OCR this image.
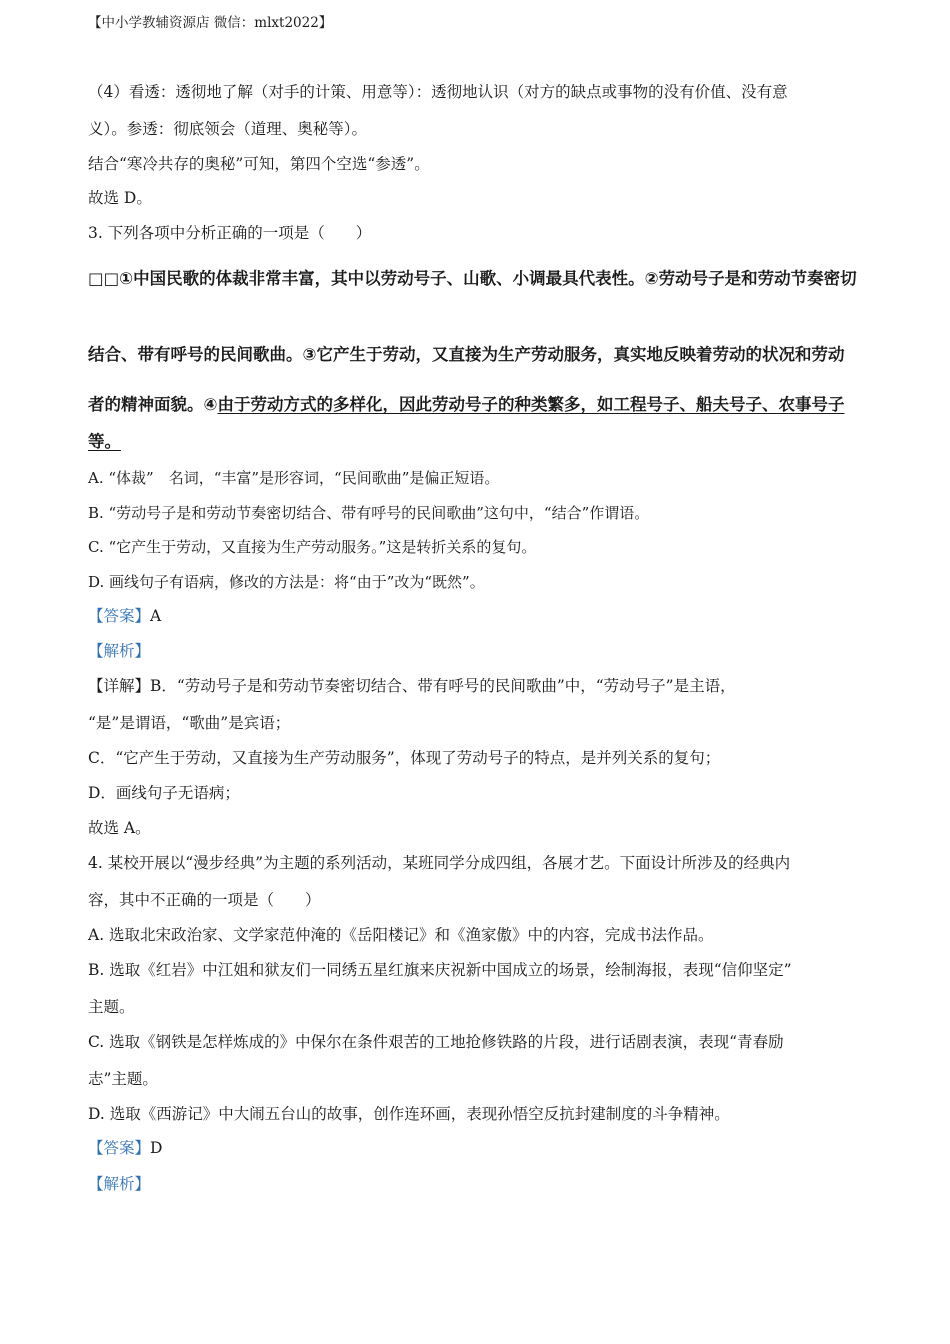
【中小学教辅资源店 微信：mlxt2022】
（4）看透：透彻地了解（对手的计策、用意等）：透彻地认识（对方的缺点或事物的没有价值、没有意
义）。参透：彻底领会（道理、奥秘等）。
结合“寒冷共存的奥秘”可知，第四个空选“参透”。
故选 D。
3. 下列各项中分析正确的一项是（　　）
□□①中国民歌的体裁非常丰富，其中以劳动号子、山歌、小调最具代表性。②劳动号子是和劳动节奏密切
结合、带有呼号的民间歌曲。③它产生于劳动，又直接为生产劳动服务，真实地反映着劳动的状况和劳动
者的精神面貌。④由于劳动方式的多样化，因此劳动号子的种类繁多，如工程号子、船夫号子、农事号子
等。
A. “体裁”　名词，“丰富”是形容词，“民间歌曲”是偏正短语。
B. “劳动号子是和劳动节奏密切结合、带有呼号的民间歌曲”这句中，“结合”作谓语。
C. “它产生于劳动，又直接为生产劳动服务。”这是转折关系的复句。
D. 画线句子有语病，修改的方法是：将“由于”改为“既然”。
【答案】A
【解析】
【详解】B．“劳动号子是和劳动节奏密切结合、带有呼号的民间歌曲”中，“劳动号子”是主语，
“是”是谓语，“歌曲”是宾语；
C．“它产生于劳动，又直接为生产劳动服务”，体现了劳动号子的特点，是并列关系的复句；
D．画线句子无语病；
故选 A。
4. 某校开展以“漫步经典”为主题的系列活动，某班同学分成四组，各展才艺。下面设计所涉及的经典内
容，其中不正确的一项是（　　）
A. 选取北宋政治家、文学家范仲淹的《岳阳楼记》和《渔家傲》中的内容，完成书法作品。
B. 选取《红岩》中江姐和狱友们一同绣五星红旗来庆祝新中国成立的场景，绘制海报，表现“信仰坚定”
主题。
C. 选取《钢铁是怎样炼成的》中保尔在条件艰苦的工地抢修铁路的片段，进行话剧表演，表现“青春励
志”主题。
D. 选取《西游记》中大闹五台山的故事，创作连环画，表现孙悟空反抗封建制度的斗争精神。
【答案】D
【解析】
